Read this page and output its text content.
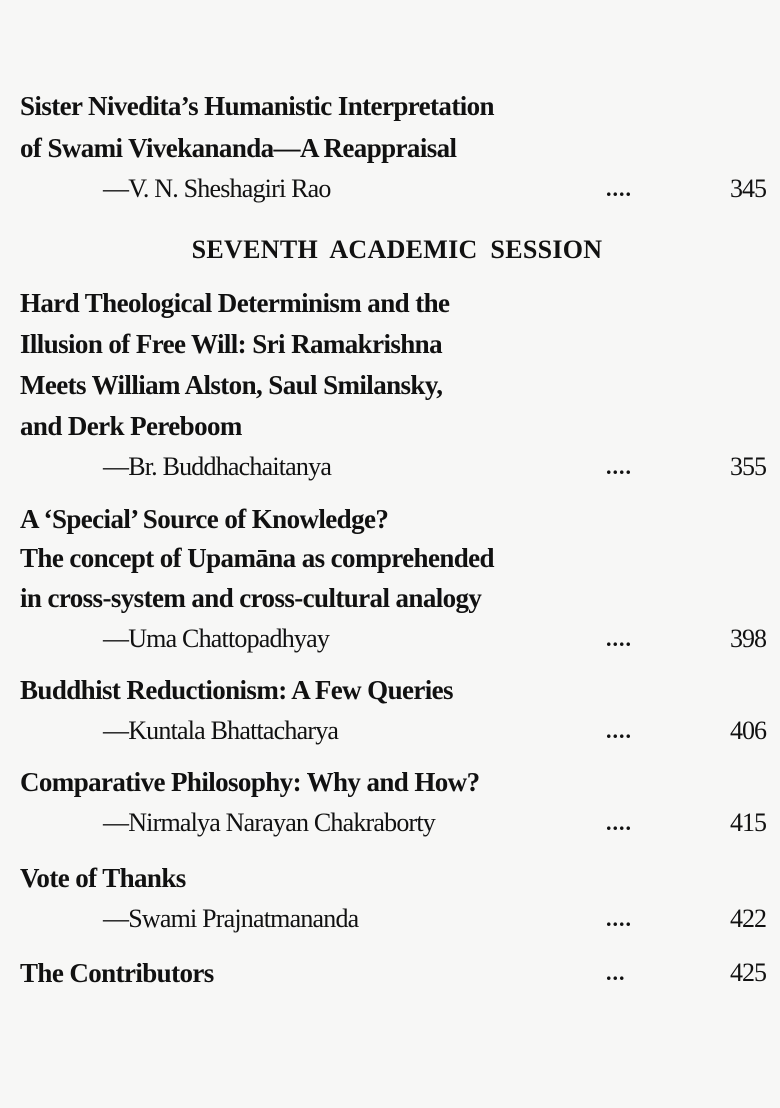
Sister Nivedita’s Humanistic Interpretation
of Swami Vivekananda—A Reappraisal
—V. N. Sheshagiri Rao	....	345
SEVENTH ACADEMIC SESSION
Hard Theological Determinism and the
Illusion of Free Will: Sri Ramakrishna
Meets William Alston, Saul Smilansky,
and Derk Pereboom
—Br. Buddhachaitanya	....	355
A ‘Special’ Source of Knowledge?
The concept of Upamāna as comprehended
in cross-system and cross-cultural analogy
—Uma Chattopadhyay	....	398
Buddhist Reductionism: A Few Queries
—Kuntala Bhattacharya	....	406
Comparative Philosophy: Why and How?
—Nirmalya Narayan Chakraborty	....	415
Vote of Thanks
—Swami Prajnatmananda	....	422
The Contributors	...	425
